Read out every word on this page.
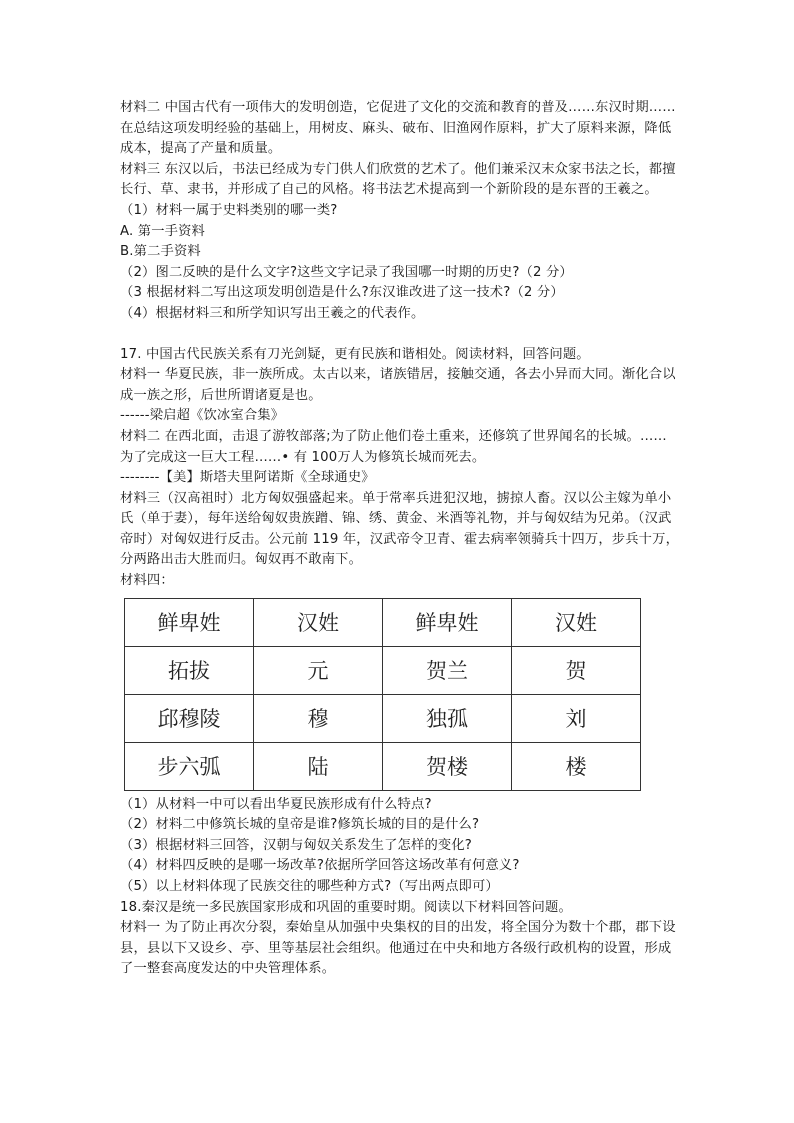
材料二 中国古代有一项伟大的发明创造，它促进了文化的交流和教育的普及……东汉时期……在总结这项发明经验的基础上，用树皮、麻头、破布、旧渔网作原料，扩大了原料来源，降低成本，提高了产量和质量。

材料三 东汉以后，书法已经成为专门供人们欣赏的艺术了。他们兼采汉末众家书法之长，都擅长行、草、隶书，并形成了自己的风格。将书法艺术提高到一个新阶段的是东晋的王羲之。

（1）材料一属于史料类别的哪一类?

A. 第一手资料

B.第二手资料

（2）图二反映的是什么文字?这些文字记录了我国哪一时期的历史?（2 分）

（3 根据材料二写出这项发明创造是什么?东汉谁改进了这一技术?（2 分）

（4）根据材料三和所学知识写出王羲之的代表作。

17. 中国古代民族关系有刀光剑疑，更有民族和谐相处。阅读材料，回答问题。

材料一 华夏民族，非一族所成。太古以来，诸族错居，接触交通，各去小异而大同。渐化合以成一族之形，后世所谓诸夏是也。

------梁启超《饮冰室合集》

材料二 在西北面，击退了游牧部落;为了防止他们卷土重来，还修筑了世界闻名的长城。……为了完成这一巨大工程……• 有 100万人为修筑长城而死去。

--------【美】斯塔夫里阿诺斯《全球通史》

材料三（汉高祖时）北方匈奴强盛起来。单于常率兵进犯汉地，掳掠人畜。汉以公主嫁为单小氏（单于妻），每年送给匈奴贵族蹭、锦、绣、黄金、米酒等礼物，并与匈奴结为兄弟。（汉武帝时）对匈奴进行反击。公元前 119 年，汉武帝令卫青、霍去病率领骑兵十四万，步兵十万，分两路出击大胜而归。匈奴再不敢南下。

材料四：

鲜卑姓	汉姓	鲜卑姓	汉姓
拓拔	元	贺兰	贺
邱穆陵	穆	独孤	刘
步六弧	陆	贺楼	楼

（1）从材料一中可以看出华夏民族形成有什么特点?

（2）材料二中修筑长城的皇帝是谁?修筑长城的目的是什么?

（3）根据材料三回答，汉朝与匈奴关系发生了怎样的变化?

（4）材料四反映的是哪一场改革?依据所学回答这场改革有何意义?

（5）以上材料体现了民族交往的哪些种方式?（写出两点即可）

18.秦汉是统一多民族国家形成和巩固的重要时期。阅读以下材料回答问题。

材料一 为了防止再次分裂，秦始皇从加强中央集权的目的出发，将全国分为数十个郡，郡下设县，县以下又设乡、亭、里等基层社会组织。他通过在中央和地方各级行政机构的设置，形成了一整套高度发达的中央管理体系。
